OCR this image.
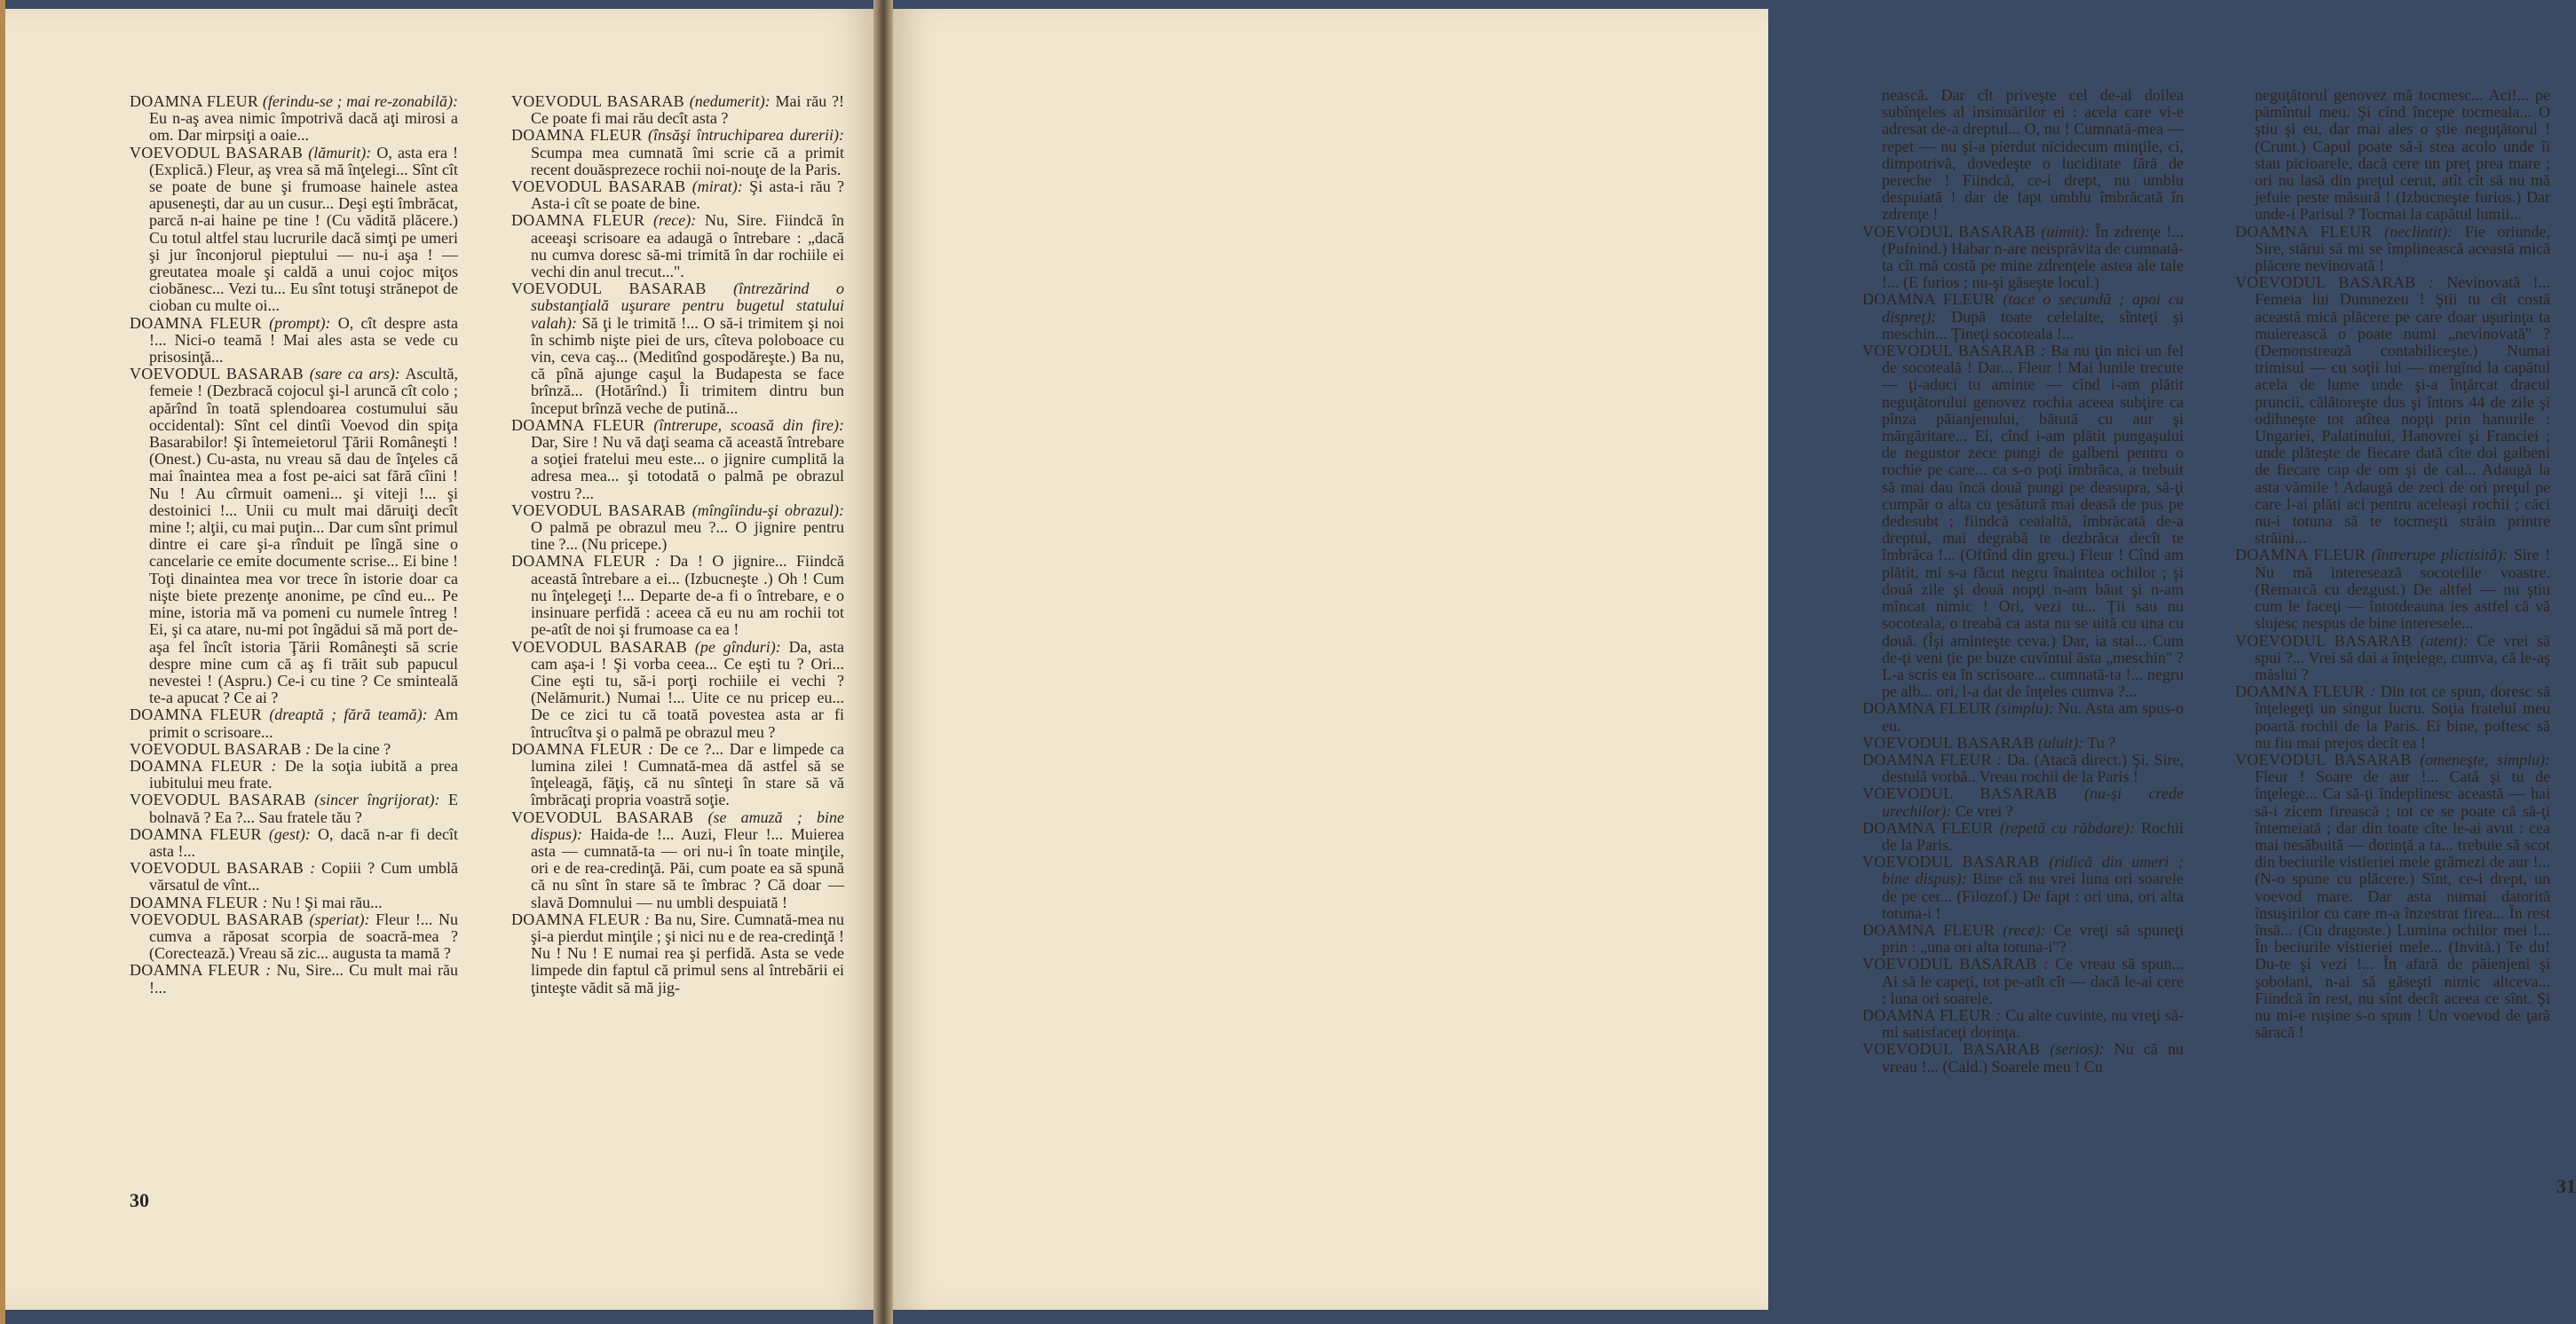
DOAMNA FLEUR (ferindu-se ; mai re-zonabilă): Eu n-aş avea nimic împotrivă dacă aţi mirosi a om. Dar mirpsiţi a oaie...

VOEVODUL BASARAB (lămurit): O, asta era ! (Explică.) Fleur, aş vrea să mă înţelegi... Sînt cît se poate de bune şi frumoase hainele astea apuseneşti, dar au un cusur... Deşi eşti îmbrăcat, parcă n-ai haine pe tine ! (Cu vădită plăcere.) Cu totul altfel stau lucrurile dacă simţi pe umeri şi jur înconjorul pieptului — nu-i aşa ! — greutatea moale şi caldă a unui cojoc miţos ciobănesc... Vezi tu... Eu sînt totuşi strănepot de cioban cu multe oi...

DOAMNA FLEUR (prompt): O, cît despre asta !... Nici-o teamă ! Mai ales asta se vede cu prisosinţă...

VOEVODUL BASARAB (sare ca ars): Ascultă, femeie ! (Dezbracă cojocul şi-l aruncă cît colo ; apărînd în toată splendoarea costumului său occidental): Sînt cel dintîi Voevod din spiţa Basarabilor! Şi întemeietorul Ţării Româneşti ! (Onest.) Cu-asta, nu vreau să dau de înţeles că mai înaintea mea a fost pe-aici sat fără cîini ! Nu ! Au cîrmuit oameni... şi viteji !... şi destoinici !... Unii cu mult mai dăruiţi decît mine !; alţii, cu mai puţin... Dar cum sînt primul dintre ei care şi-a rînduit pe lîngă sine o cancelarie ce emite documente scrise... Ei bine ! Toţi dinaintea mea vor trece în istorie doar ca nişte biete prezenţe anonime, pe cînd eu... Pe mine, istoria mă va pomeni cu numele întreg ! Ei, şi ca atare, nu-mi pot îngădui să mă port de-aşa fel încît istoria Ţării Româneşti să scrie despre mine cum că aş fi trăit sub papucul nevestei ! (Aspru.) Ce-i cu tine ? Ce sminteală te-a apucat ? Ce ai ?

DOAMNA FLEUR (dreaptă ; fără teamă): Am primit o scrisoare...

VOEVODUL BASARAB : De la cine ?

DOAMNA FLEUR : De la soţia iubită a prea iubitului meu frate.

VOEVODUL BASARAB (sincer îngrijorat): E bolnavă ? Ea ?... Sau fratele tău ?

DOAMNA FLEUR (gest): O, dacă n-ar fi decît asta !...

VOEVODUL BASARAB : Copiii ? Cum umblă vărsatul de vînt...

DOAMNA FLEUR : Nu ! Şi mai rău...

VOEVODUL BASARAB (speriat): Fleur !... Nu cumva a răposat scorpia de soacră-mea ? (Corectează.) Vreau să zic... augusta ta mamă ?

DOAMNA FLEUR : Nu, Sire... Cu mult mai rău !...

VOEVODUL BASARAB (nedumerit): Mai rău ?! Ce poate fi mai rău decît asta ?

DOAMNA FLEUR (însăşi întruchiparea durerii): Scumpa mea cumnată îmi scrie că a primit recent douăsprezece rochii noi-nouţe de la Paris.

VOEVODUL BASARAB (mirat): Şi asta-i rău ? Asta-i cît se poate de bine.

DOAMNA FLEUR (rece): Nu, Sire. Fiindcă în aceeaşi scrisoare ea adaugă o întrebare : „dacă nu cumva doresc să-mi trimită în dar rochiile ei vechi din anul trecut...".

VOEVODUL BASARAB (întrezărind o substanţială uşurare pentru bugetul statului valah): Să ţi le trimită !... O să-i trimitem şi noi în schimb nişte piei de urs, cîteva poloboace cu vin, ceva caş... (Meditînd gospodăreşte.) Ba nu, că pînă ajunge caşul la Budapesta se face brînză... (Hotărînd.) Îi trimitem dintru bun început brînză veche de putină...

DOAMNA FLEUR (întrerupe, scoasă din fire): Dar, Sire ! Nu vă daţi seama că această întrebare a soţiei fratelui meu este... o jignire cumplită la adresa mea... şi totodată o palmă pe obrazul vostru ?...

VOEVODUL BASARAB (mîngîindu-şi obrazul): O palmă pe obrazul meu ?... O jignire pentru tine ?... (Nu pricepe.)

DOAMNA FLEUR : Da ! O jignire... Fiindcă această întrebare a ei... (Izbucneşte .) Oh ! Cum nu înţelegeţi !... Departe de-a fi o întrebare, e o insinuare perfidă : aceea că eu nu am rochii tot pe-atît de noi şi frumoase ca ea !

VOEVODUL BASARAB (pe gînduri): Da, asta cam aşa-i ! Şi vorba ceea... Ce eşti tu ? Ori... Cine eşti tu, să-i porţi rochiile ei vechi ? (Nelămurit.) Numai !... Uite ce nu pricep eu... De ce zici tu că toată povestea asta ar fi întrucîtva şi o palmă pe obrazul meu ?

DOAMNA FLEUR : De ce ?... Dar e limpede ca lumina zilei ! Cumnată-mea dă astfel să se înţeleagă, făţiş, că nu sînteţi în stare să vă îmbrăcaţi propria voastră soţie.

VOEVODUL BASARAB (se amuză ; bine dispus): Haida-de !... Auzi, Fleur !... Muierea asta — cumnată-ta — ori nu-i în toate minţile, ori e de rea-credinţă. Păi, cum poate ea să spună că nu sînt în stare să te îmbrac ? Că doar — slavă Domnului — nu umbli despuiată !

DOAMNA FLEUR : Ba nu, Sire. Cumnată-mea nu şi-a pierdut minţile ; şi nici nu e de rea-credinţă ! Nu ! Nu ! E numai rea şi perfidă. Asta se vede limpede din faptul că primul sens al întrebării ei ţinteşte vădit să mă jig-

30

nească. Dar cît priveşte cel de-al doilea subînţeles al insinuărilor ei : acela care vi-e adresat de-a dreptul... O, nu ! Cumnată-mea — repet — nu şi-a pierdut nicidecum minţile, ci, dimpotrivă, dovedeşte o luciditate fără de pereche ! Fiindcă, ce-i drept, nu umblu despuiată ! dar de fapt umblu îmbrăcată în zdrenţe !

VOEVODUL BASARAB (uimit): În zdrenţe !... (Pufnind.) Habar n-are neisprăvita de cumnată-ta cît mă costă pe mine zdrenţele astea ale tale !... (E furios ; nu-şi găseşte locul.)

DOAMNA FLEUR (tace o secundă ; apoi cu dispreţ): După toate celelalte, sînteţi şi meschin... Ţineţi socoteala !...

VOEVODUL BASARAB : Ba nu ţin nici un fel de socoteală ! Dar... Fleur ! Mai lunile trecute — ţi-aduci tu aminte — cînd i-am plătit neguţătorului genovez rochia aceea subţire ca pînza păianjenului, bătută cu aur şi mărgăritare... Ei, cînd i-am plătit pungaşului de negustor zece pungi de galbeni pentru o rochie pe care... ca s-o poţi îmbrăca, a trebuit să mai dau încă două pungi pe deasupra, să-ţi cumpăr o alta cu ţesătură mai deasă de pus pe dedesubt ; fiindcă cealaltă, îmbrăcată de-a dreptul, mai degrabă te dezbrăca decît te îmbrăca !... (Oftînd din greu.) Fleur ! Cînd am plătit, mi s-a făcut negru înaintea ochilor ; şi două zile şi două nopţi n-am băut şi n-am mîncat nimic ! Ori, vezi tu... Ţii sau nu socoteala, o treabă ca asta nu se uită cu una cu două. (Îşi aminteşte ceva.) Dar, ia stai... Cum de-ţi veni ţie pe buze cuvîntul ăsta „meschin" ? L-a scris ea în scrisoare... cumnată-ta !... negru pe alb... ori, l-a dat de înţeles cumva ?...

DOAMNA FLEUR (simplu): Nu. Asta am spus-o eu.

VOEVODUL BASARAB (uluit): Tu ?

DOAMNA FLEUR : Da. (Atacă direct.) Şi, Sire, destulă vorbă.. Vreau rochii de la Paris !

VOEVODUL BASARAB (nu-şi crede urechilor): Ce vrei ?

DOAMNA FLEUR (repetă cu răbdare): Rochii de la Paris.

VOEVODUL BASARAB (ridică din umeri ; bine dispus): Bine că nu vrei luna ori soarele de pe cer... (Filozof.) De fapt : ori una, ori alta totuna-i !

DOAMNA FLEUR (rece): Ce vreţi să spuneţi prin : „una ori alta totuna-i"?

VOEVODUL BASARAB : Ce vreau să spun... Ai să le capeţi, tot pe-atît cît — dacă le-ai cere : luna ori soarele.

DOAMNA FLEUR : Cu alte cuvinte, nu vreţi să-mi satisfaceţi dorinţa.

VOEVODUL BASARAB (serios): Nu că nu vreau !... (Cald.) Soarele meu ! Cu

neguţătorul genovez mă tocmesc... Aci!... pe pămîntul meu. Şi cînd începe tocmeala... O ştiu şi eu, dar mai ales o ştie neguţătorul ! (Crunt.) Capul poate să-i stea acolo unde îi stau picioarele, dacă cere un preţ prea mare ; ori nu lasă din preţul cerut, atît cît să nu mă jefuie peste măsură ! (Izbucneşte furios.) Dar unde-i Parisul ? Tocmai la capătul lumii...

DOAMNA FLEUR (neclintit): Fie oriunde, Sire, stărui să mi se împlinească această mică plăcere nevinovată !

VOEVODUL BASARAB : Nevinovată !... Femeia lui Dumnezeu ! Ştii tu cît costă această mică plăcere pe care doar uşurinţa ta muierească o poate numi „nevinovată" ? (Demonstrează contabiliceşte.) Numai trimisul — cu soţii lui — mergînd la capătul acela de lume unde şi-a înţărcat dracul pruncii, călătoreşte dus şi întors 44 de zile şi odihneşte tot atîtea nopţi prin hanurile : Ungariei, Palatinului, Hanovrei şi Franciei ; unde plăteşte de fiecare dată cîte doi galbeni de fiecare cap de om şi de cal... Adaugă la asta vămile ! Adaugă de zeci de ori preţul pe care l-ai plăti aci pentru aceleaşi rochii ; căci nu-i totuna să te tocmeşti străin printre străini...

DOAMNA FLEUR (întrerupe plictisită): Sire ! Nu mă interesează socotelile voastre. (Remarcă cu dezgust.) De altfel — nu ştiu cum le faceţi — întotdeauna ies astfel că vă slujesc nespus de bine interesele...

VOEVODUL BASARAB (atent): Ce vrei să spui ?... Vrei să dai a înţelege, cumva, că le-aş măsluì ?

DOAMNA FLEUR : Din tot ce spun, doresc să înţelegeţi un singur lucru. Soţia fratelui meu poartă rochii de la Paris. Ei bine, poftesc să nu fiu mai prejos decît ea !

VOEVODUL BASARAB (omeneşte, simplu): Fleur ! Soare de aur !... Cată şi tu de înţelege... Ca să-ţi îndeplinesc această — hai să-i zicem firească ; tot ce se poate că să-ţi întemeiată ; dar din toate cîte le-ai avut : cea mai nesăbuită — dorinţă a ta... trebuie să scot din beciurile vistieriei mele grămezi de aur !... (N-o spune cu plăcere.) Sînt, ce-i drept, un voevod mare. Dar asta numai datorită însuşirilor cu care m-a înzestrat firea... În rest însă... (Cu dragoste.) Lumina ochilor mei !... În beciurile vistieriei mele... (Invită.) Te du! Du-te şi vezi !... În afară de păienjeni şi şobolani, n-ai să găseşti nimic altceva... Fiindcă în rest, nu sînt decît aceea ce sînt. Şi nu mi-e ruşine s-o spun ! Un voevod de ţară săracă !

31
